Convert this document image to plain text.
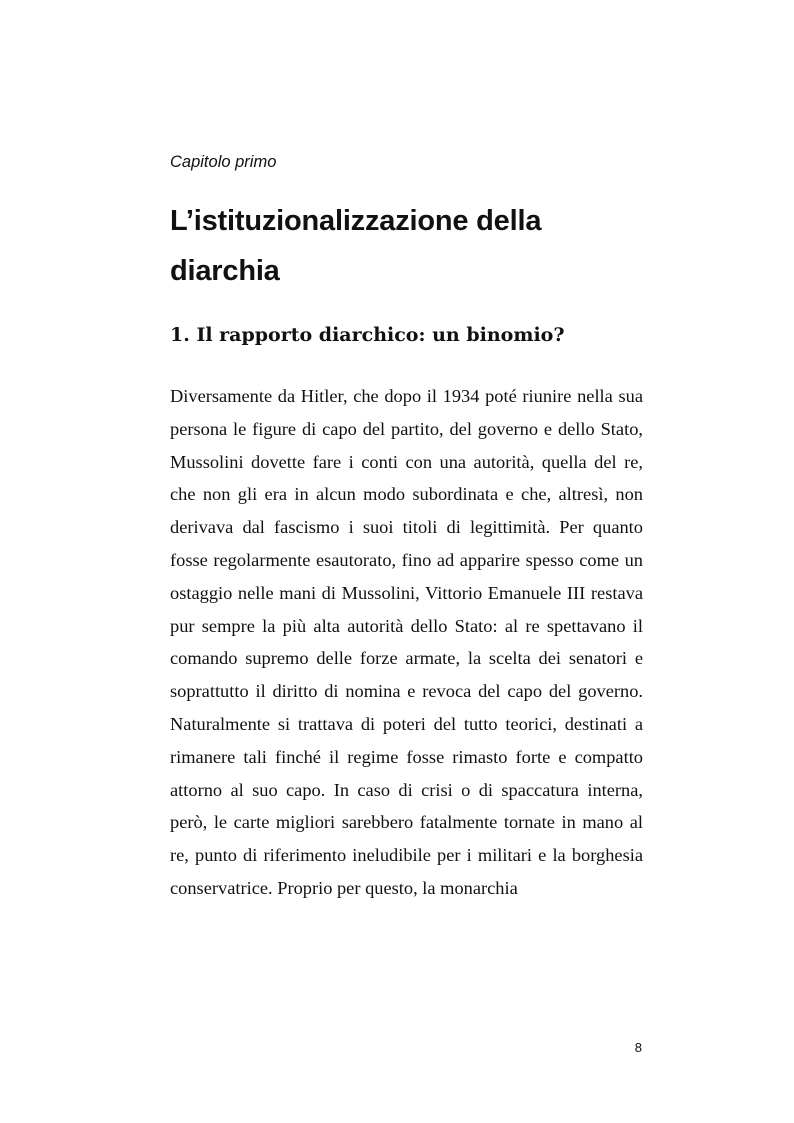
Capitolo primo
L’istituzionalizzazione della diarchia
1. Il rapporto diarchico: un binomio?

Diversamente da Hitler, che dopo il 1934 poté riunire nella sua persona le figure di capo del partito, del governo e dello Stato, Mussolini dovette fare i conti con una autorità, quella del re, che non gli era in alcun modo subordinata e che, altresì, non derivava dal fascismo i suoi titoli di legittimità. Per quanto fosse regolarmente esautorato, fino ad apparire spesso come un ostaggio nelle mani di Mussolini, Vittorio Emanuele III restava pur sempre la più alta autorità dello Stato: al re spettavano il comando supremo delle forze armate, la scelta dei senatori e soprattutto il diritto di nomina e revoca del capo del governo. Naturalmente si trattava di poteri del tutto teorici, destinati a rimanere tali finché il regime fosse rimasto forte e compatto attorno al suo capo. In caso di crisi o di spaccatura interna, però, le carte migliori sarebbero fatalmente tornate in mano al re, punto di riferimento ineludibile per i militari e la borghesia conservatrice. Proprio per questo, la monarchia

8
